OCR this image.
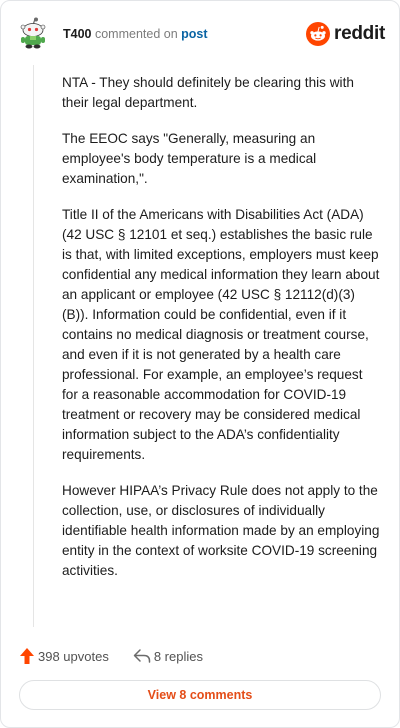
T400 commented on post	reddit

NTA - They should definitely be clearing this with their legal department.

The EEOC says "Generally, measuring an employee's body temperature is a medical examination,".

Title II of the Americans with Disabilities Act (ADA) (42 USC § 12101 et seq.) establishes the basic rule is that, with limited exceptions, employers must keep confidential any medical information they learn about an applicant or employee (42 USC § 12112(d)(3)(B)). Information could be confidential, even if it contains no medical diagnosis or treatment course, and even if it is not generated by a health care professional. For example, an employee’s request for a reasonable accommodation for COVID-19 treatment or recovery may be considered medical information subject to the ADA’s confidentiality requirements.

However HIPAA’s Privacy Rule does not apply to the collection, use, or disclosures of individually identifiable health information made by an employing entity in the context of worksite COVID-19 screening activities.

398 upvotes	8 replies
View 8 comments
